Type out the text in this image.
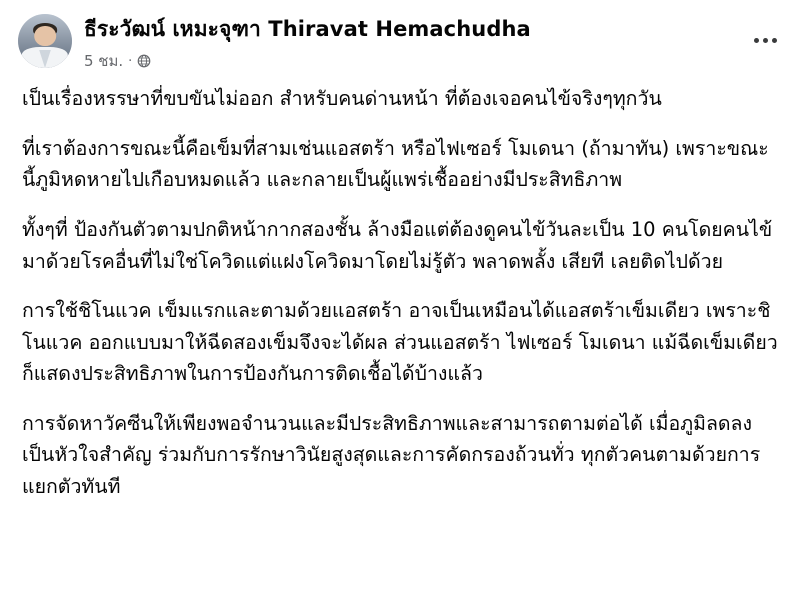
ธีระวัฒน์ เหมะจุฑา Thiravat Hemachudha
5 ชม. ·

เป็นเรื่องหรรษาที่ขบขันไม่ออก สำหรับคนด่านหน้า ที่ต้องเจอคนไข้จริงๆทุกวัน

ที่เราต้องการขณะนี้คือเข็มที่สามเช่นแอสตร้า หรือไฟเซอร์ โมเดนา (ถ้ามาทัน) เพราะขณะนี้ภูมิหดหายไปเกือบหมดแล้ว และกลายเป็นผู้แพร่เชื้ออย่างมีประสิทธิภาพ

ทั้งๆที่ ป้องกันตัวตามปกติหน้ากากสองชั้น ล้างมือแต่ต้องดูคนไข้วันละเป็น 10 คนโดยคนไข้มาด้วยโรคอื่นที่ไม่ใช่โควิดแต่แฝงโควิดมาโดยไม่รู้ตัว พลาดพลั้ง เสียที เลยติดไปด้วย

การใช้ชิโนแวค เข็มแรกและตามด้วยแอสตร้า อาจเป็นเหมือนได้แอสตร้าเข็มเดียว เพราะชิโนแวค ออกแบบมาให้ฉีดสองเข็มจึงจะได้ผล ส่วนแอสตร้า ไฟเซอร์ โมเดนา แม้ฉีดเข็มเดียวก็แสดงประสิทธิภาพในการป้องกันการติดเชื้อได้บ้างแล้ว

การจัดหาวัคซีนให้เพียงพอจำนวนและมีประสิทธิภาพและสามารถตามต่อได้ เมื่อภูมิลดลงเป็นหัวใจสำคัญ ร่วมกับการรักษาวินัยสูงสุดและการคัดกรองถ้วนทั่ว ทุกตัวคนตามด้วยการแยกตัวทันที
